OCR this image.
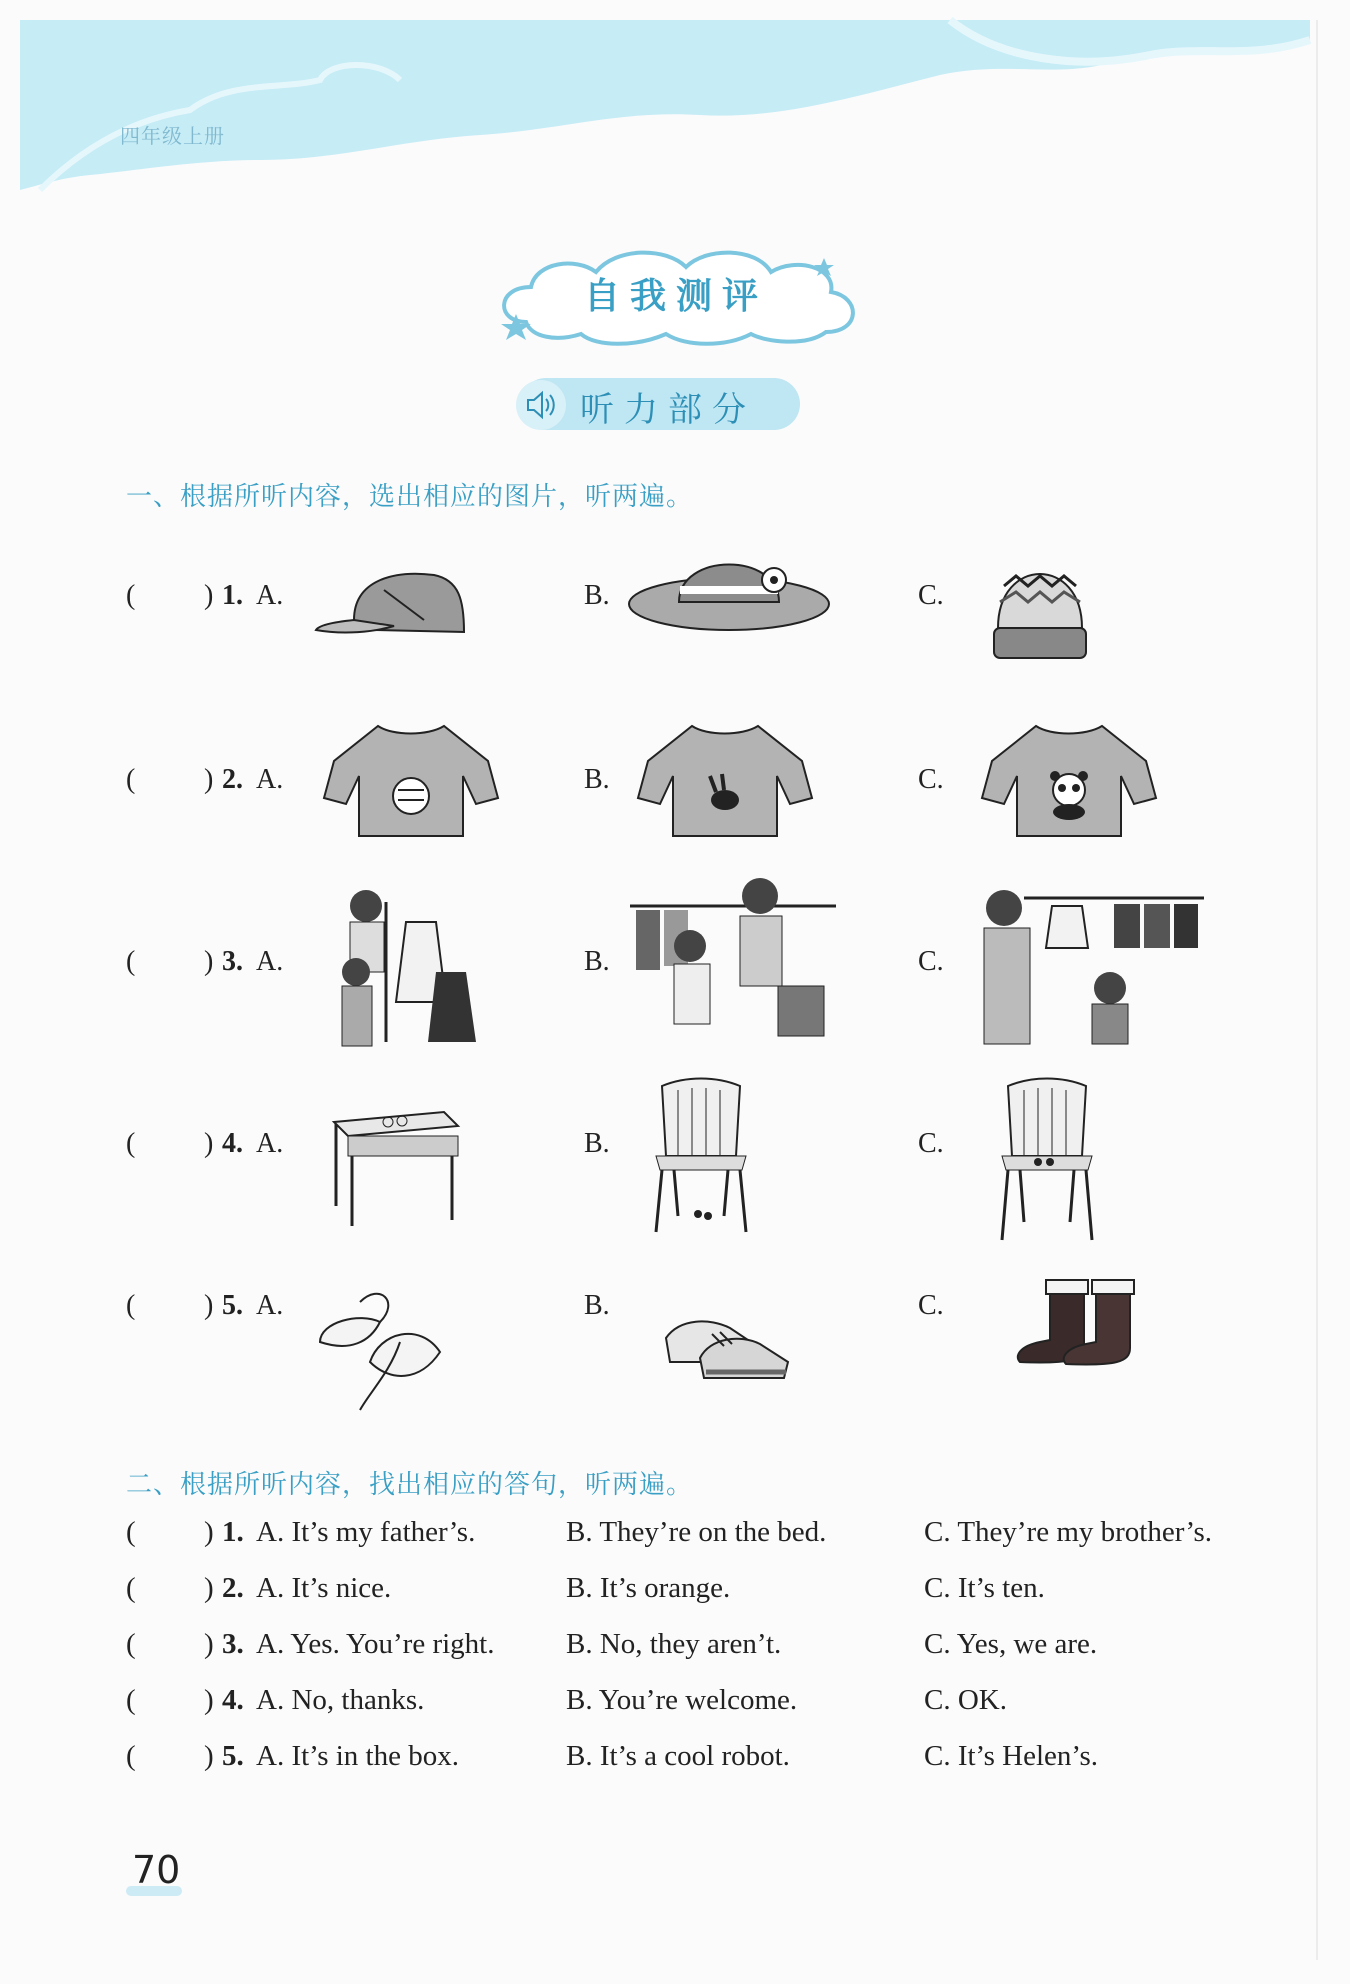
四年级上册
自我测评
听力部分
一、根据所听内容，选出相应的图片，听两遍。
( ) 1. A.	B.	C.
( ) 2. A.	B.	C.
( ) 3. A.	B.	C.
( ) 4. A.	B.	C.
( ) 5. A.	B.	C.
二、根据所听内容，找出相应的答句，听两遍。
( ) 1. A. It’s my father’s.	B. They’re on the bed.	C. They’re my brother’s.
( ) 2. A. It’s nice.	B. It’s orange.	C. It’s ten.
( ) 3. A. Yes. You’re right. B. No, they aren’t.	C. Yes, we are.
( ) 4. A. No, thanks.	B. You’re welcome.	C. OK.
( ) 5. A. It’s in the box.	B. It’s a cool robot.	C. It’s Helen’s.
70
